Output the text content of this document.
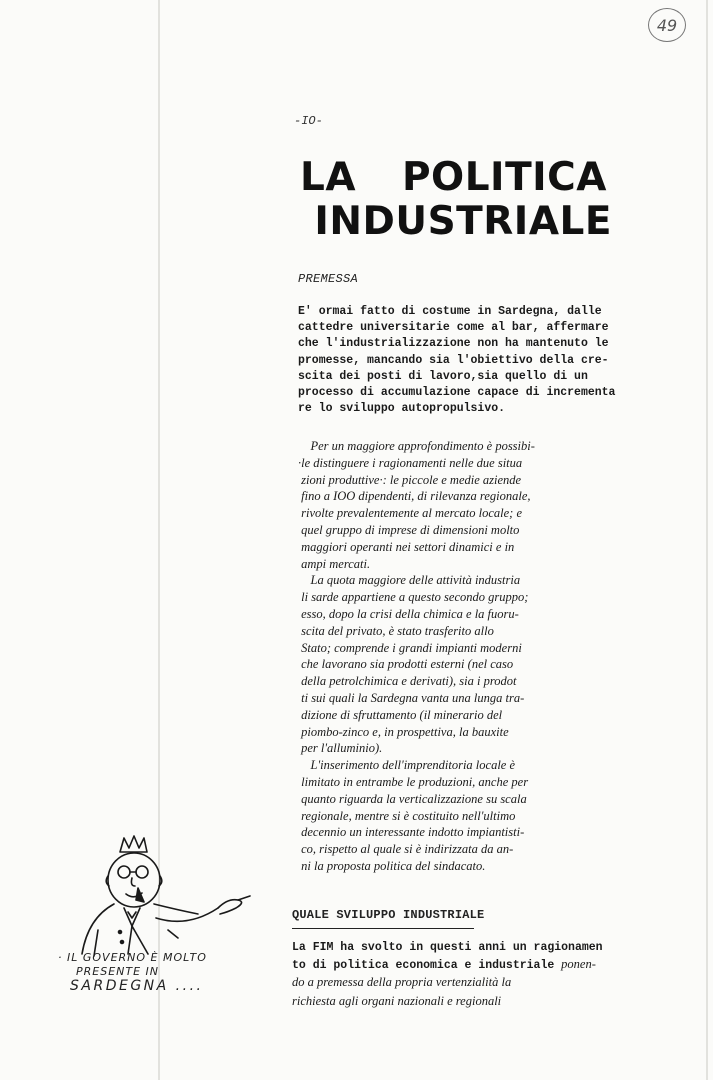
49
-IO-
LA POLITICA
INDUSTRIALE
PREMESSA

E' ormai fatto di costume in Sardegna, dalle
cattedre universitarie come al bar, affermare
che l'industrializzazione non ha mantenuto le
promesse, mancando sia l'obiettivo della cre-
scita dei posti di lavoro,sia quello di un
processo di accumulazione capace di incrementa
re lo sviluppo autopropulsivo.

Per un maggiore approfondimento è possibi-
·le distinguere i ragionamenti nelle due situa
zioni produttive·: le piccole e medie aziende
fino a IOO dipendenti, di rilevanza regionale,
rivolte prevalentemente al mercato locale; e
quel gruppo di imprese di dimensioni molto
maggiori operanti nei settori dinamici e in
ampi mercati.
La quota maggiore delle attività industria
li sarde appartiene a questo secondo gruppo;
esso, dopo la crisi della chimica e la fuoru-
scita del privato, è stato trasferito allo
Stato; comprende i grandi impianti moderni
che lavorano sia prodotti esterni (nel caso
della petrolchimica e derivati), sia i prodot
ti sui quali la Sardegna vanta una lunga tra-
dizione di sfruttamento (il minerario del
piombo-zinco e, in prospettiva, la bauxite
per l'alluminio).
L'inserimento dell'imprenditoria locale è
limitato in entrambe le produzioni, anche per
quanto riguarda la verticalizzazione su scala
regionale, mentre si è costituito nell'ultimo
decennio un interessante indotto impiantisti-
co, rispetto al quale si è indirizzata da an-
ni la proposta politica del sindacato.

· IL GOVERNO È MOLTO
PRESENTE IN
SARDEGNA ....
QUALE SVILUPPO INDUSTRIALE

La FIM ha svolto in questi anni un ragionamen
to di politica economica e industriale ponen-
do a premessa della propria vertenzialità la
richiesta agli organi nazionali e regionali
